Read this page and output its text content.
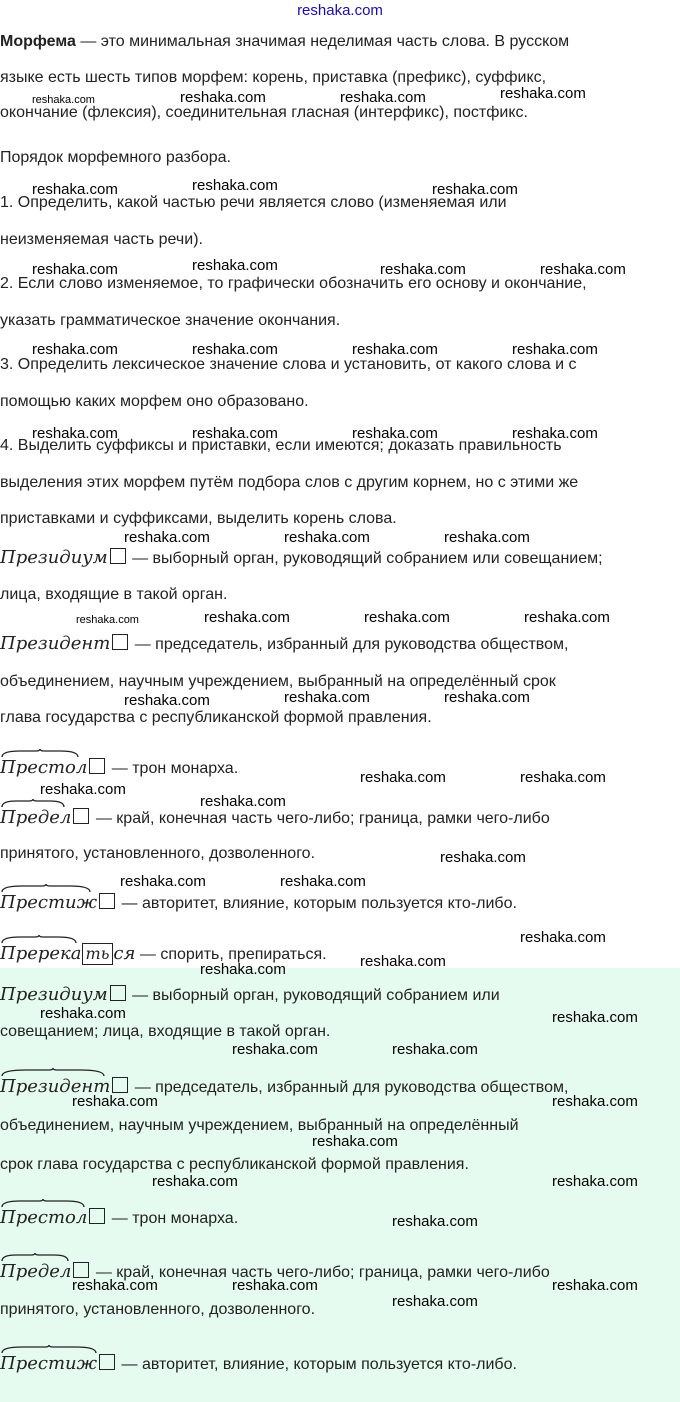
reshaka.com
Морфема — это минимальная значимая неделимая часть слова. В русском
языке есть шесть типов морфем: корень, приставка (префикс), суффикс,
окончание (флексия), соединительная гласная (интерфикс), постфикс.
Порядок морфемного разбора.
1. Определить, какой частью речи является слово (изменяемая или
неизменяемая часть речи).
2. Если слово изменяемое, то графически обозначить его основу и окончание,
указать грамматическое значение окончания.
3. Определить лексическое значение слова и установить, от какого слова и с
помощью каких морфем оно образовано.
4. Выделить суффиксы и приставки, если имеются; доказать правильность
выделения этих морфем путём подбора слов с другим корнем, но с этими же
приставками и суффиксами, выделить корень слова.
Президиум — выборный орган, руководящий собранием или совещанием;
лица, входящие в такой орган.
Президент — председатель, избранный для руководства обществом,
объединением, научным учреждением, выбранный на определённый срок
глава государства с республиканской формой правления.
Престол — трон монарха.
Предел — край, конечная часть чего-либо; граница, рамки чего-либо
принятого, установленного, дозволенного.
Престиж — авторитет, влияние, которым пользуется кто-либо.
Пререка ть ся — спорить, препираться.
Президиум — выборный орган, руководящий собранием или
совещанием; лица, входящие в такой орган.
Президент — председатель, избранный для руководства обществом,
объединением, научным учреждением, выбранный на определённый
срок глава государства с республиканской формой правления.
Престол — трон монарха.
Предел — край, конечная часть чего-либо; граница, рамки чего-либо
принятого, установленного, дозволенного.
Престиж — авторитет, влияние, которым пользуется кто-либо.
reshaka.com	reshaka.com	reshaka.com	reshaka.com
reshaka.com	reshaka.com	reshaka.com
reshaka.com	reshaka.com	reshaka.com	reshaka.com
reshaka.com	reshaka.com	reshaka.com	reshaka.com
reshaka.com	reshaka.com	reshaka.com	reshaka.com
reshaka.com	reshaka.com	reshaka.com
reshaka.com	reshaka.com	reshaka.com	reshaka.com
reshaka.com	reshaka.com	reshaka.com
reshaka.com	reshaka.com
reshaka.com
reshaka.com
reshaka.com
reshaka.com	reshaka.com
reshaka.com
reshaka.com
reshaka.com
reshaka.com	reshaka.com
reshaka.com	reshaka.com
reshaka.com	reshaka.com
reshaka.com
reshaka.com	reshaka.com
reshaka.com
reshaka.com	reshaka.com	reshaka.com
reshaka.com
